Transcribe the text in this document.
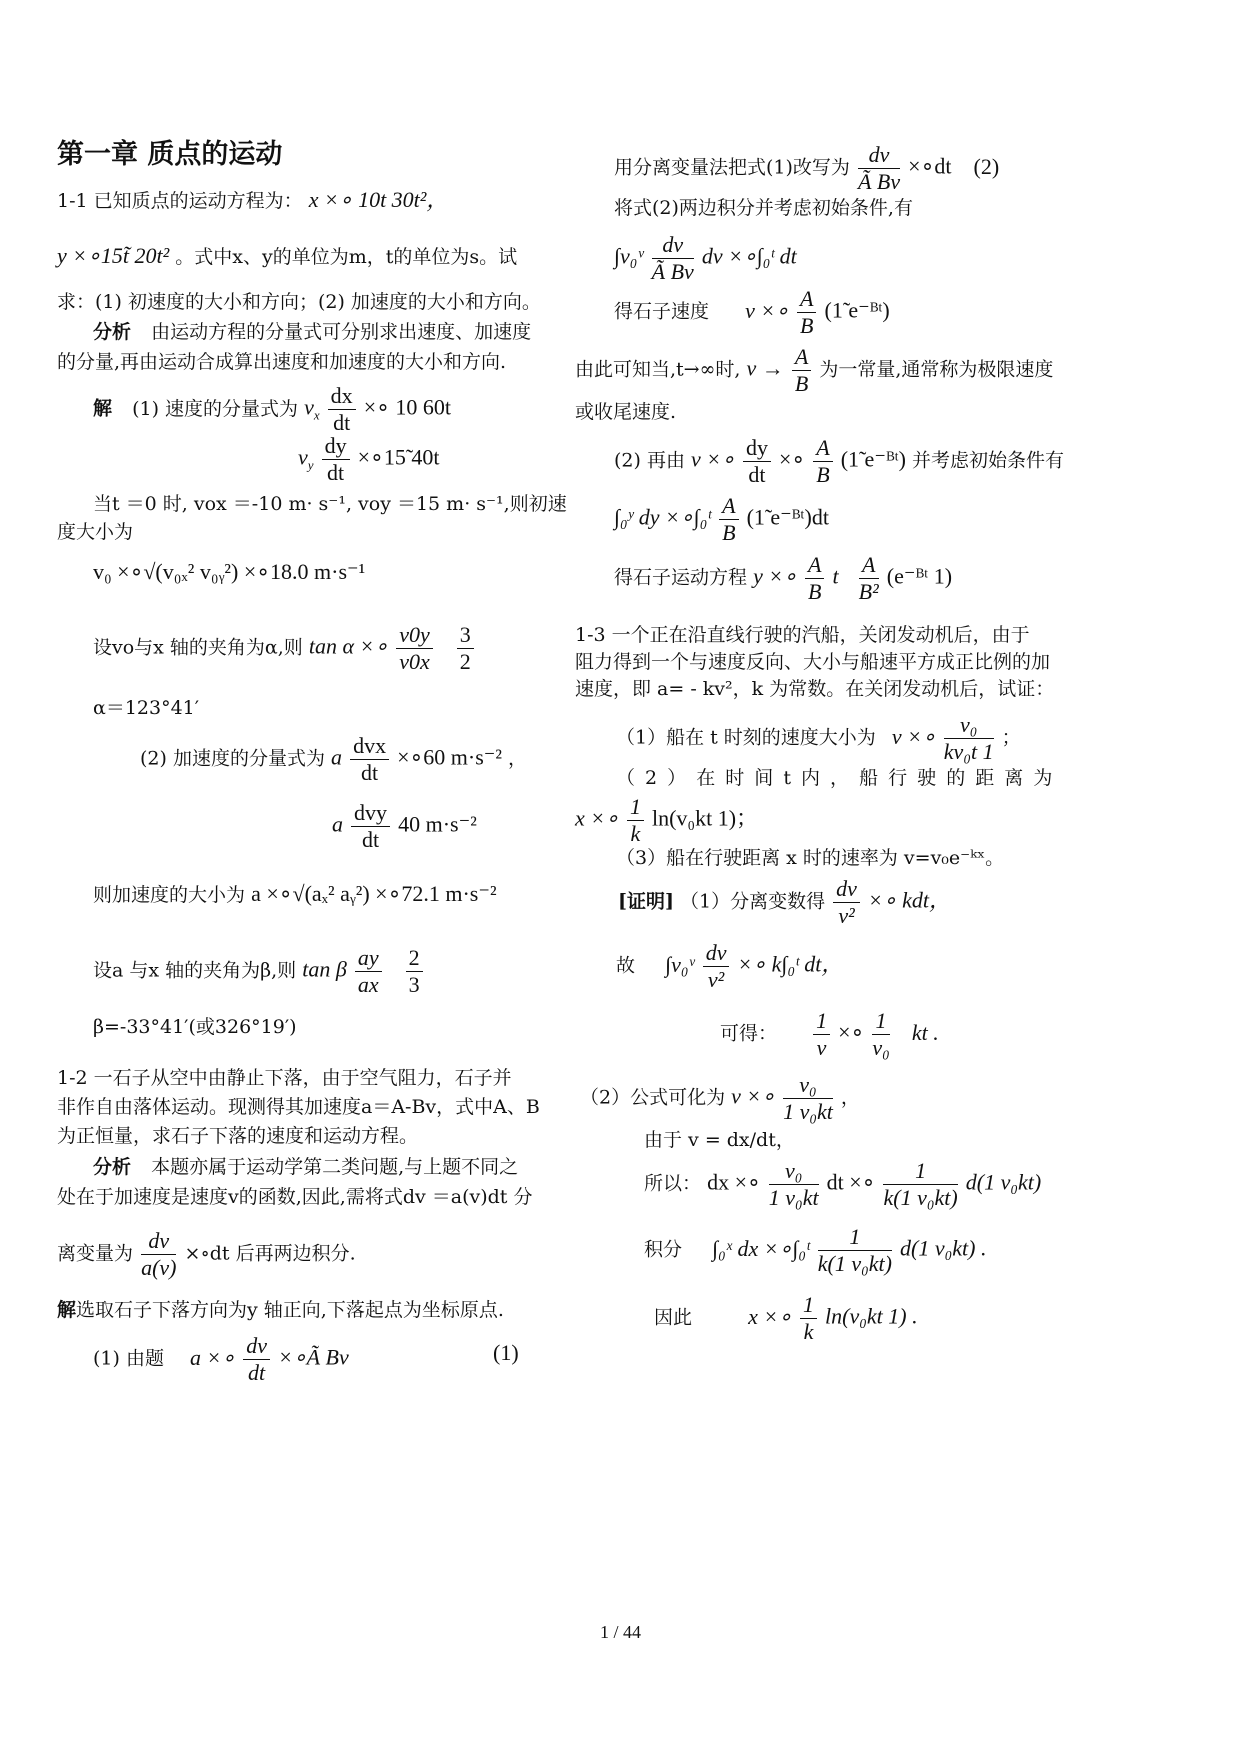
第一章 质点的运动
1-1 已知质点的运动方程为： x ×∘ 10t 30t²，
y ×∘15t̃ 20t² 。式中x、y的单位为m，t的单位为s。试
求：(1) 初速度的大小和方向；(2) 加速度的大小和方向。
分析 由运动方程的分量式可分别求出速度、加速度
的分量,再由运动合成算出速度和加速度的大小和方向.
解 (1) 速度的分量式为 $v_x \frac{dx}{dt}$ ×∘ 10 60t
$v_y \frac{dy}{dt}$ ×∘15̃ 40t
当t ＝0 时, vox ＝-10 m· s⁻¹, voy ＝15 m· s⁻¹,则初速
度大小为
v₀ ×∘√(v₀ₓ² v₀ᵧ²) ×∘18.0 m·s⁻¹
设vo与x 轴的夹角为α,则 tan α ×∘ $\frac{v0y}{v0x}$
$\frac{3}{2}$
α＝123°41′
(2) 加速度的分量式为 a $\frac{\text{dvx}}{dt}$ ×∘60 m·s⁻² ，
a $\frac{\text{dvy}}{dt} 40$ m·s⁻²
则加速度的大小为 a ×∘√(aₓ² aᵧ²) ×∘72.1 m·s⁻²
设a 与x 轴的夹角为β,则 tan β $\frac{ay}{ax}$
$\frac{2}{3}$
β=-33°41′(或326°19′)
1-2 一石子从空中由静止下落，由于空气阻力，石子并
非作自由落体运动。现测得其加速度a＝A-Bv，式中A、B
为正恒量，求石子下落的速度和运动方程。
分析 本题亦属于运动学第二类问题,与上题不同之
处在于加速度是速度v的函数,因此,需将式dv ＝a(v)dt 分
离变量为 $\frac{dv}{a(v)}$ ×∘dt 后再两边积分.
解选取石子下落方向为y 轴正向,下落起点为坐标原点.
(1) 由题 a ×∘ $\frac{dv}{dt}$ ×∘Ã Bv	(1)
用分离变量法把式(1)改写为 $\frac{dv}{\text{Ã Bv}}$ ×∘dt (2)
将式(2)两边积分并考虑初始条件,有
∫v₀ᵛ $\frac{dv}{\text{Ã Bv}}$ dv ×∘∫₀ᵗ dt
得石子速度 v ×∘ $\frac{A}{B}$ (1̃ e⁻ᴮᵗ)
由此可知当,t→∞时, $v \to \frac{A}{B}$ 为一常量,通常称为极限速度
或收尾速度.
(2) 再由 v ×∘ $\frac{dy}{dt}$ ×∘ $\frac{A}{B}$ (1̃ e⁻ᴮᵗ) 并考虑初始条件有
∫₀ʸ dy ×∘∫₀ᵗ $\frac{A}{B}$ (1̃ e⁻ᴮᵗ)dt
得石子运动方程 y ×∘ $\frac{A}{B}$ t $\frac{A}{\text{B²}}$ (e⁻ᴮᵗ 1)
1-3 一个正在沿直线行驶的汽船，关闭发动机后，由于
阻力得到一个与速度反向、大小与船速平方成正比例的加
速度，即 a= - kv²，k 为常数。在关闭发动机后，试证：
（1）船在 t 时刻的速度大小为 v ×∘ $\frac{\text{v₀}}{\text{kv₀t 1}}$ ；
（ 2 ） 在 时 间 t 内 ， 船 行 驶 的 距 离 为
x ×∘ $\frac{1}{k} \ln(v_0kt$ 1)；
（3）船在行驶距离 x 时的速率为 v=v₀e⁻ᵏˣ。
[证明] （1）分离变数得 $\frac{dv}{\text{v²}}$ ×∘ kdt，
故 ∫v₀ᵛ $\frac{dv}{\text{v²}}$ ×∘ k∫₀ᵗ dt，
可得： $\frac{1}{v}$ ×∘ $\frac{1}{\text{v₀}}$ kt .
（2）公式可化为 v ×∘ $\frac{\text{v₀}}{\text{1 v₀kt}}$ ，
由于 v = dx/dt，
所以： dx ×∘ $\frac{\text{v₀}}{\text{1 v₀kt}}$ dt ×∘ $\frac{1}{\text{k(1 v₀kt)}} d(1$ v₀kt)
积分 ∫₀ˣ dx ×∘∫₀ᵗ $\frac{1}{\text{k(1 v₀kt)}} d(1$ v₀kt) .
因此	x ×∘ $\frac{1}{k} \ln(v_0kt$ 1) .
1 / 44
